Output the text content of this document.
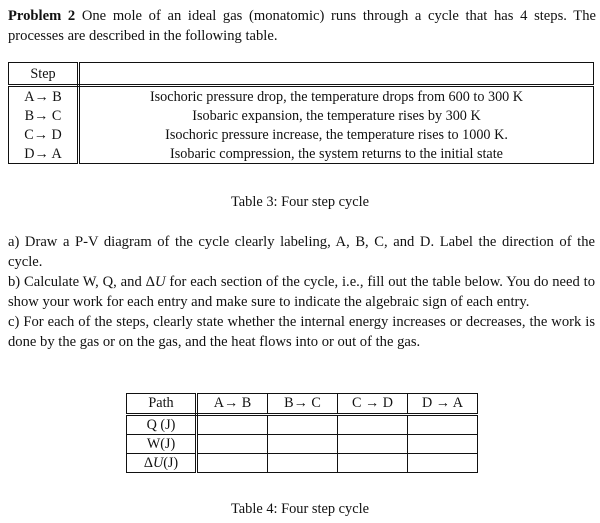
Problem 2 One mole of an ideal gas (monatomic) runs through a cycle that has 4 steps. The processes are described in the following table.

Step	
A→ B	Isochoric pressure drop, the temperature drops from 600 to 300 K
B→ C	Isobaric expansion, the temperature rises by 300 K
C→ D	Isochoric pressure increase, the temperature rises to 1000 K.
D→ A	Isobaric compression, the system returns to the initial state
Table 3: Four step cycle

a) Draw a P-V diagram of the cycle clearly labeling, A, B, C, and D. Label the direction of the cycle.

b) Calculate W, Q, and ΔU for each section of the cycle, i.e., fill out the table below. You do need to show your work for each entry and make sure to indicate the algebraic sign of each entry.

c) For each of the steps, clearly state whether the internal energy increases or decreases, the work is done by the gas or on the gas, and the heat flows into or out of the gas.

Path	A→ B	B→ C	C → D	D → A
Q (J)				
W(J)				
ΔU(J)				
Table 4: Four step cycle
